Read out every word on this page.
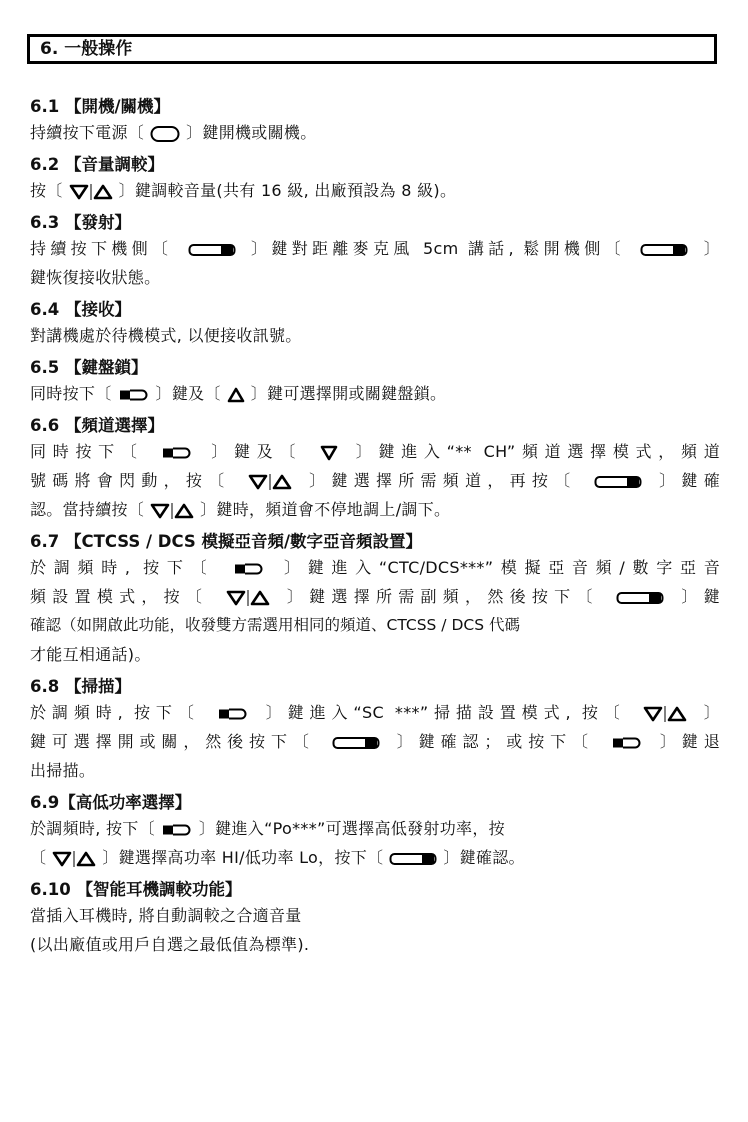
6. 一般操作
6.1 【開機/關機】
持續按下電源〔	〕鍵開機或關機。
6.2 【音量調較】
按〔	〕鍵調較音量(共有 16 級, 出廠預設為 8 級)。
6.3 【發射】
持續按下機側〔	〕鍵對距離麥克風 5cm 講話, 鬆開機側〔	〕
鍵恢復接收狀態。
6.4 【接收】
對講機處於待機模式, 以便接收訊號。
6.5 【鍵盤鎖】
同時按下〔	〕鍵及〔 〕鍵可選擇開或關鍵盤鎖。
6.6 【頻道選擇】
同時按下〔	〕鍵及〔	〕鍵進入“** CH”頻道選擇模式，頻道
號碼將會閃動，按〔	〕鍵選擇所需頻道，再按〔	〕鍵確
認。當持續按〔	〕鍵時，頻道會不停地調上/調下。
6.7 【CTCSS / DCS 模擬亞音頻/數字亞音頻設置】
於調頻時, 按下〔	〕鍵進入“CTC/DCS***”模擬亞音頻/數字亞音
頻設置模式，按〔	〕鍵選擇所需副頻，然後按下〔	〕鍵
確認（如開啟此功能，收發雙方需選用相同的頻道、CTCSS / DCS 代碼
才能互相通話)。
6.8 【掃描】
於調頻時, 按下〔	〕鍵進入“SC ***”掃描設置模式, 按〔	〕
鍵可選擇開或關，然後按下〔	〕鍵確認；或按下〔	〕鍵退
出掃描。
6.9【高低功率選擇】
於調頻時, 按下〔	〕鍵進入“Po***”可選擇高低發射功率，按
〔	〕鍵選擇高功率 HI/低功率 Lo，按下〔	〕鍵確認。
6.10 【智能耳機調較功能】
當插入耳機時, 將自動調較之合適音量
(以出廠值或用戶自選之最低值為標準).
